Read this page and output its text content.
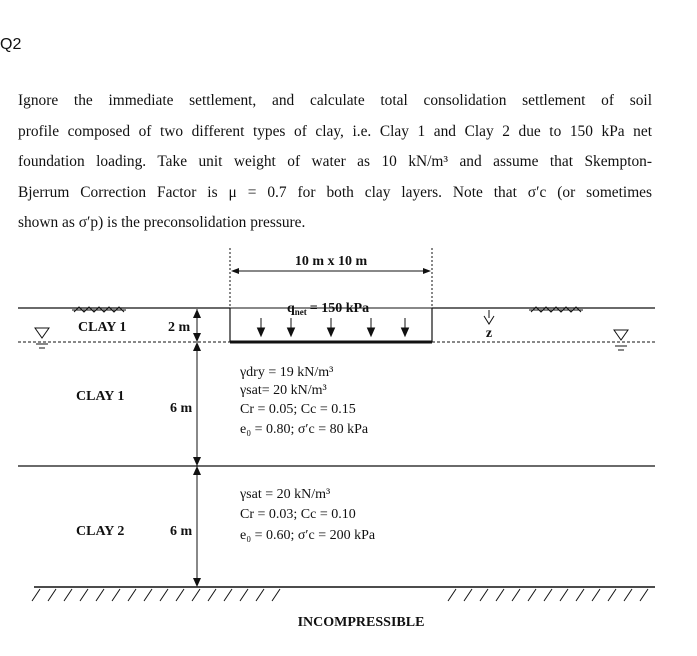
Q2
Ignore the immediate settlement, and calculate total consolidation settlement of soil
profile composed of two different types of clay, i.e. Clay 1 and Clay 2 due to 150 kPa net
foundation loading. Take unit weight of water as 10 kN/m³ and assume that Skempton-
Bjerrum Correction Factor is μ = 0.7 for both clay layers. Note that σ′c (or sometimes
shown as σ′p) is the preconsolidation pressure.
10 m x 10 m
$q_{net} = 150$ kPa
z
CLAY 1	2 m
CLAY 1
6 m
CLAY 2	6 m
γdry = 19 kN/m³
γsat= 20 kN/m³
Cr = 0.05; Cc = 0.15
e₀ = 0.80; σ′c = 80 kPa
γsat = 20 kN/m³
Cr = 0.03; Cc = 0.10
e₀ = 0.60; σ′c = 200 kPa
INCOMPRESSIBLE
